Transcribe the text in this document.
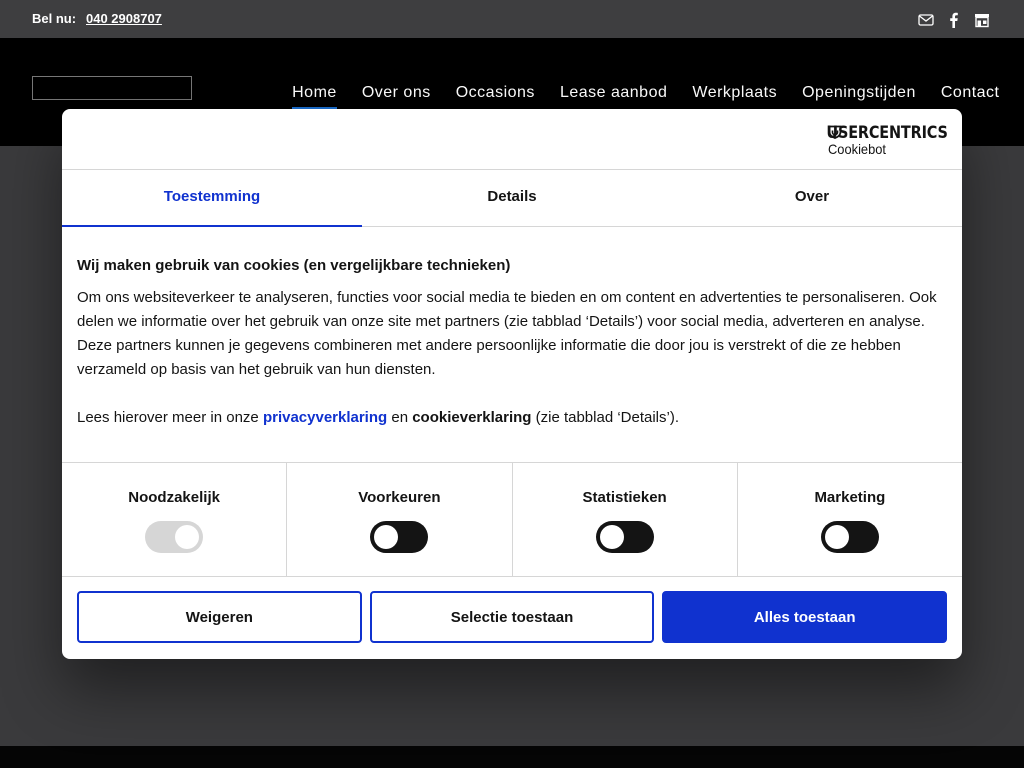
Bel nu: 040 2908707
Home	Over ons	Occasions	Lease aanbod	Werkplaats	Openingstijden	Contact
USERCENTRICS
Cookiebot
Toestemming	Details	Over
Wij maken gebruik van cookies (en vergelijkbare technieken)

Om ons websiteverkeer te analyseren, functies voor social media te bieden en om content en advertenties te personaliseren. Ook delen we informatie over het gebruik van onze site met partners (zie tabblad ‘Details’) voor social media, adverteren en analyse. Deze partners kunnen je gegevens combineren met andere persoonlijke informatie die door jou is verstrekt of die ze hebben verzameld op basis van het gebruik van hun diensten.

Lees hierover meer in onze privacyverklaring en cookieverklaring (zie tabblad ‘Details’).

Noodzakelijk	Voorkeuren	Statistieken	Marketing
Weigeren	Selectie toestaan	Alles toestaan
